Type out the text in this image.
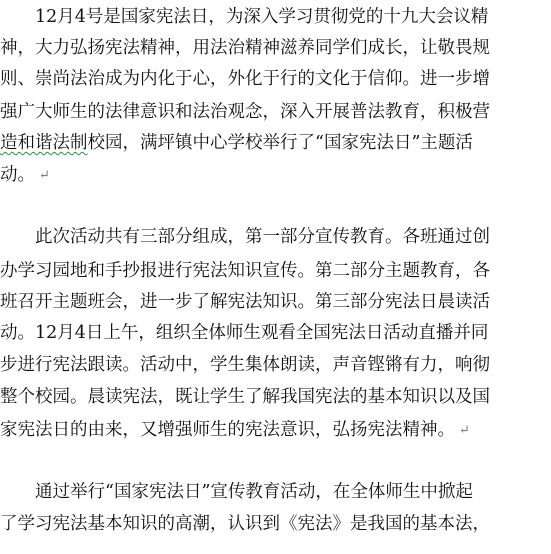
　　12月4号是国家宪法日，为深入学习贯彻党的十九大会议精
神，大力弘扬宪法精神，用法治精神滋养同学们成长，让敬畏规
则、崇尚法治成为内化于心，外化于行的文化于信仰。进一步增
强广大师生的法律意识和法治观念，深入开展普法教育，积极营
造和谐法制校园，满坪镇中心学校举行了“国家宪法日”主题活
动。 ↵
　　此次活动共有三部分组成，第一部分宣传教育。各班通过创
办学习园地和手抄报进行宪法知识宣传。第二部分主题教育，各
班召开主题班会，进一步了解宪法知识。第三部分宪法日晨读活
动。12月4日上午，组织全体师生观看全国宪法日活动直播并同
步进行宪法跟读。活动中，学生集体朗读，声音铿锵有力，响彻
整个校园。晨读宪法，既让学生了解我国宪法的基本知识以及国
家宪法日的由来，又增强师生的宪法意识，弘扬宪法精神。 ↵
　　通过举行“国家宪法日”宣传教育活动，在全体师生中掀起
了学习宪法基本知识的高潮，认识到《宪法》是我国的基本法，
